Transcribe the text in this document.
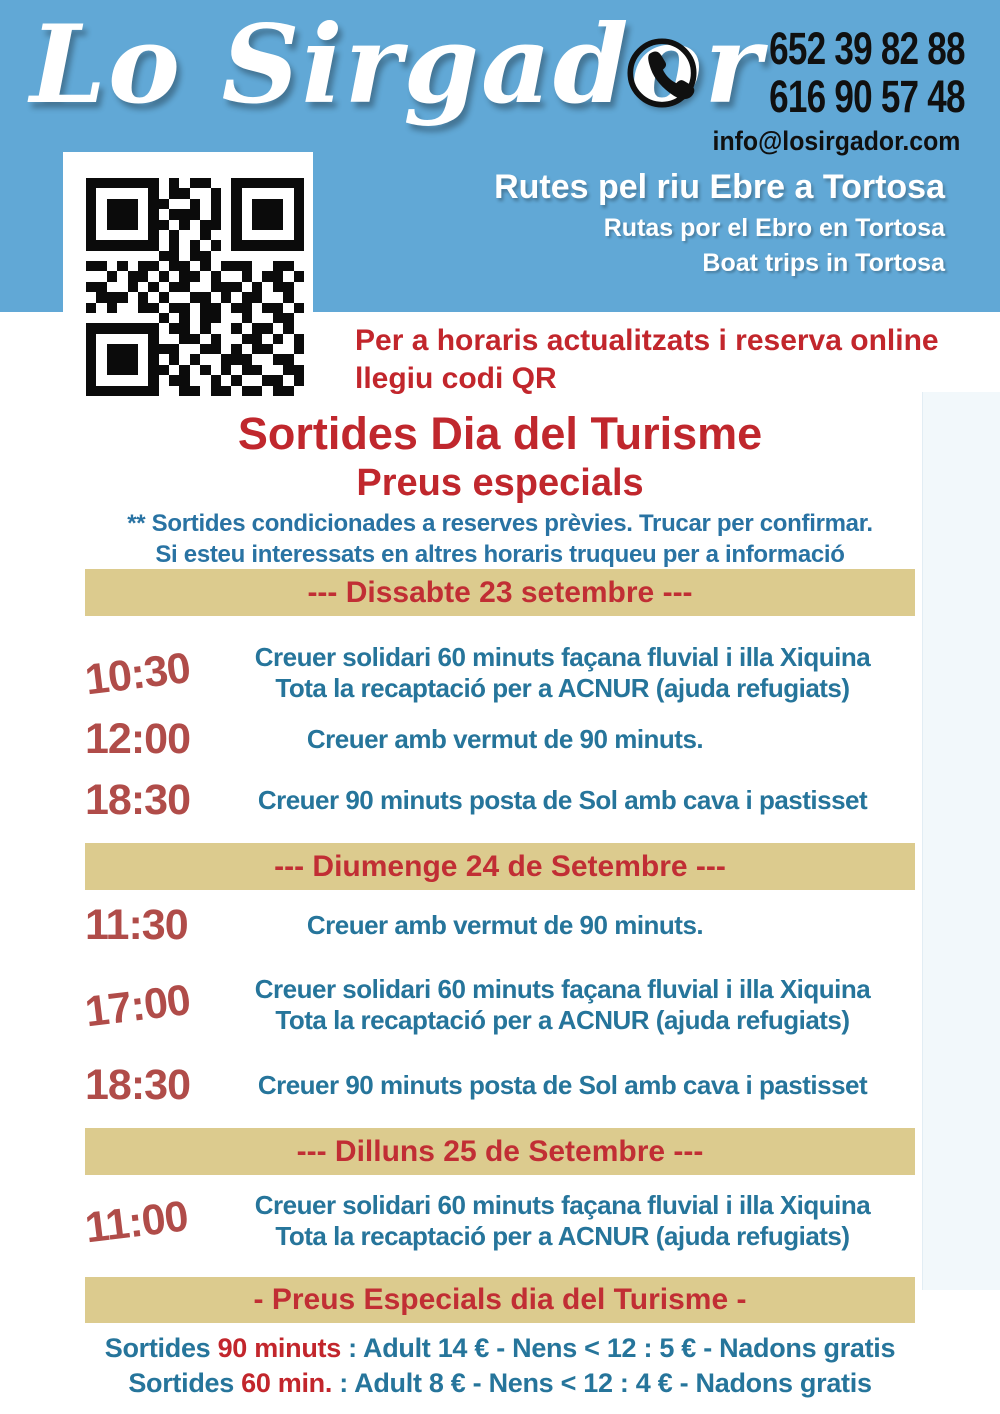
Lo Sirgador 652 39 82 88
616 90 57 48
info@losirgador.com
Rutes pel riu Ebre a Tortosa
Rutas por el Ebro en Tortosa
Boat trips in Tortosa
Per a horaris actualitzats i reserva online
llegiu codi QR
Sortides Dia del Turisme
Preus especials

** Sortides condicionades a reserves prèvies. Trucar per confirmar.

Si esteu interessats en altres horaris truqueu per a informació

--- Dissabte 23 setembre ---
10:30	Creuer solidari 60 minuts façana fluvial i illa Xiquina
Tota la recaptació per a ACNUR (ajuda refugiats)
12:00	Creuer amb vermut de 90 minuts.
18:30	Creuer 90 minuts posta de Sol amb cava i pastisset
--- Diumenge 24 de Setembre ---
11:30	Creuer amb vermut de 90 minuts.
17:00	Creuer solidari 60 minuts façana fluvial i illa Xiquina
Tota la recaptació per a ACNUR (ajuda refugiats)
18:30	Creuer 90 minuts posta de Sol amb cava i pastisset
--- Dilluns 25 de Setembre ---
11:00	Creuer solidari 60 minuts façana fluvial i illa Xiquina
Tota la recaptació per a ACNUR (ajuda refugiats)
- Preus Especials dia del Turisme -
Sortides 90 minuts : Adult 14 € - Nens < 12 : 5 € - Nadons gratis
Sortides 60 min. : Adult 8 € - Nens < 12 : 4 € - Nadons gratis
